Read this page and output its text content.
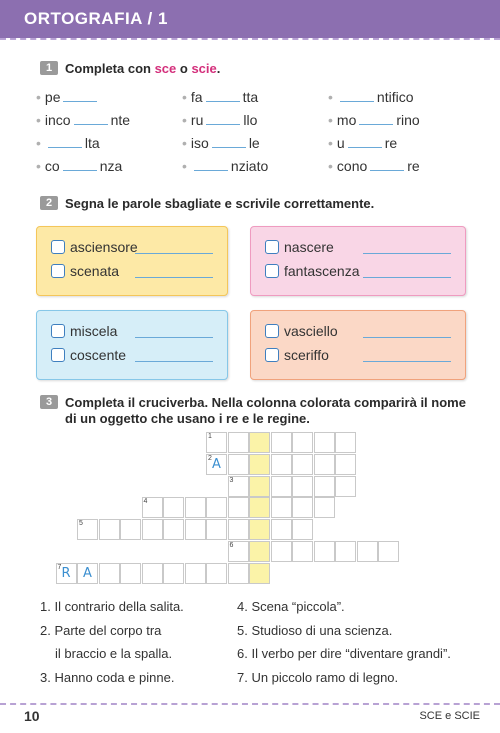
ORTOGRAFIA / 1
1 Completa con sce o scie.
• pe	• fa	tta	•	ntifico
• inco	nte	• ru	llo	• mo	rino
•	lta	• iso	le	• u	re
• co	nza	•	nziato	• cono	re
2 Segna le parole sbagliate e scrivile correttamente.
asciensore
scenata
nascere
fantascenza
miscela
coscente
vasciello
sceriffo
3 Completa il cruciverba. Nella colonna colorata comparirà il nome
di un oggetto che usano i re e le regine.
1
2
3
4
5
6
7
A
R A
1. Il contrario della salita.
2. Parte del corpo tra
il braccio e la spalla.
3. Hanno coda e pinne.
4. Scena “piccola”.
5. Studioso di una scienza.
6. Il verbo per dire “diventare grandi”.
7. Un piccolo ramo di legno.
10	SCE e SCIE
